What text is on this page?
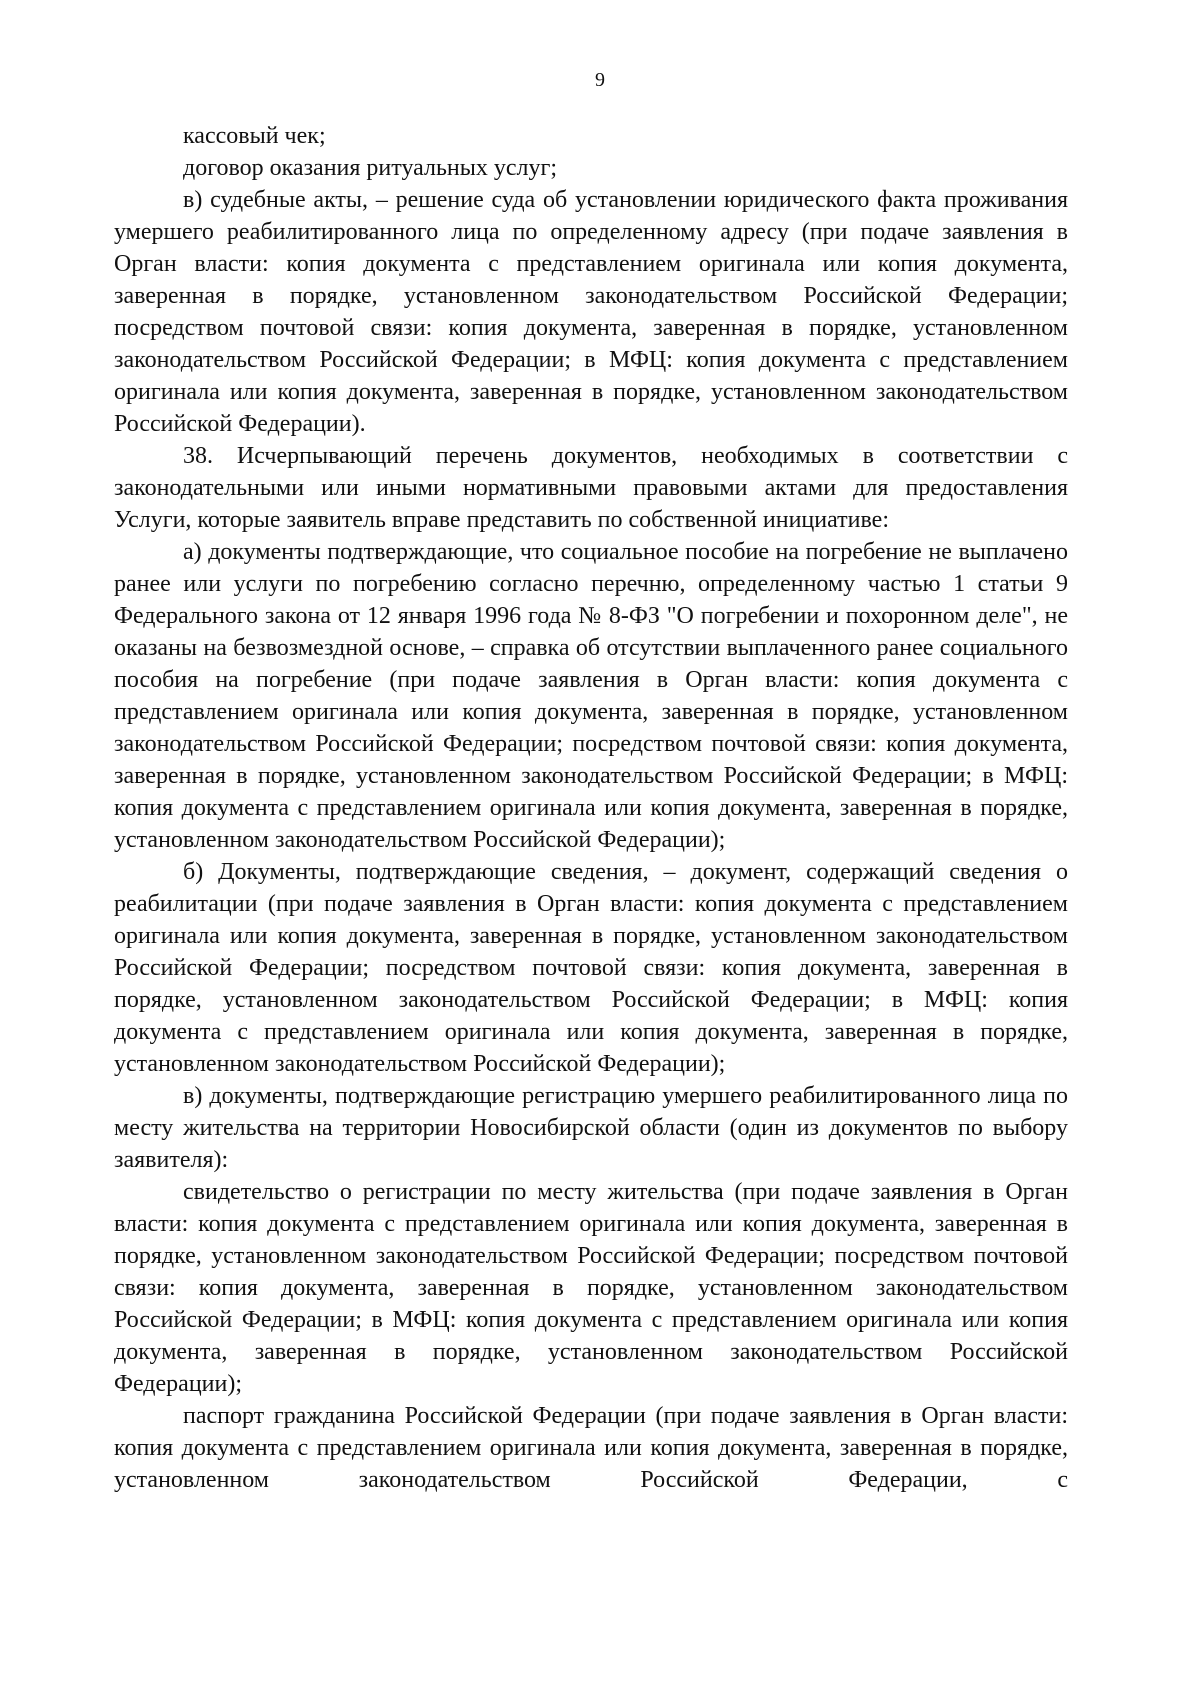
9

кассовый чек;

договор оказания ритуальных услуг;

в) судебные акты, – решение суда об установлении юридического факта проживания умершего реабилитированного лица по определенному адресу (при подаче заявления в Орган власти: копия документа с представлением оригинала или копия документа, заверенная в порядке, установленном законодательством Российской Федерации; посредством почтовой связи: копия документа, заверенная в порядке, установленном законодательством Российской Федерации; в МФЦ: копия документа с представлением оригинала или копия документа, заверенная в порядке, установленном законодательством Российской Федерации).

38. Исчерпывающий перечень документов, необходимых в соответствии с законодательными или иными нормативными правовыми актами для предоставления Услуги, которые заявитель вправе представить по собственной инициативе:

а) документы подтверждающие, что социальное пособие на погребение не выплачено ранее или услуги по погребению согласно перечню, определенному частью 1 статьи 9 Федерального закона от 12 января 1996 года № 8-ФЗ "О погребении и похоронном деле", не оказаны на безвозмездной основе, – справка об отсутствии выплаченного ранее социального пособия на погребение (при подаче заявления в Орган власти: копия документа с представлением оригинала или копия документа, заверенная в порядке, установленном законодательством Российской Федерации; посредством почтовой связи: копия документа, заверенная в порядке, установленном законодательством Российской Федерации; в МФЦ: копия документа с представлением оригинала или копия документа, заверенная в порядке, установленном законодательством Российской Федерации);

б) Документы, подтверждающие сведения, – документ, содержащий сведения о реабилитации (при подаче заявления в Орган власти: копия документа с представлением оригинала или копия документа, заверенная в порядке, установленном законодательством Российской Федерации; посредством почтовой связи: копия документа, заверенная в порядке, установленном законодательством Российской Федерации; в МФЦ: копия документа с представлением оригинала или копия документа, заверенная в порядке, установленном законодательством Российской Федерации);

в) документы, подтверждающие регистрацию умершего реабилитированного лица по месту жительства на территории Новосибирской области (один из документов по выбору заявителя):

свидетельство о регистрации по месту жительства (при подаче заявления в Орган власти: копия документа с представлением оригинала или копия документа, заверенная в порядке, установленном законодательством Российской Федерации; посредством почтовой связи: копия документа, заверенная в порядке, установленном законодательством Российской Федерации; в МФЦ: копия документа с представлением оригинала или копия документа, заверенная в порядке, установленном законодательством Российской Федерации);

паспорт гражданина Российской Федерации (при подаче заявления в Орган власти: копия документа с представлением оригинала или копия документа, заверенная в порядке, установленном законодательством Российской Федерации, с
